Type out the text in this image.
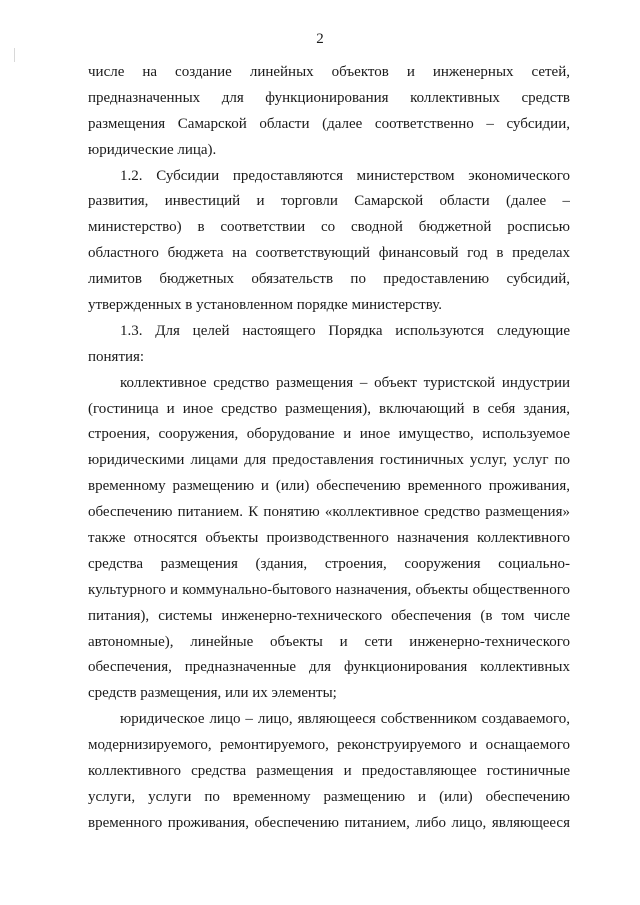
2
числе на создание линейных объектов и инженерных сетей,
предназначенных для функционирования коллективных средств
размещения Самарской области (далее соответственно – субсидии,
юридические лица).
1.2. Субсидии предоставляются министерством экономического
развития, инвестиций и торговли Самарской области (далее –
министерство) в соответствии со сводной бюджетной росписью
областного бюджета на соответствующий финансовый год в пределах
лимитов бюджетных обязательств по предоставлению субсидий,
утвержденных в установленном порядке министерству.
1.3. Для целей настоящего Порядка используются следующие
понятия:
коллективное средство размещения – объект туристской индустрии
(гостиница и иное средство размещения), включающий в себя здания,
строения, сооружения, оборудование и иное имущество, используемое
юридическими лицами для предоставления гостиничных услуг, услуг по
временному размещению и (или) обеспечению временного проживания,
обеспечению питанием. К понятию «коллективное средство размещения»
также относятся объекты производственного назначения коллективного
средства размещения (здания, строения, сооружения социально-
культурного и коммунально-бытового назначения, объекты общественного
питания), системы инженерно-технического обеспечения (в том числе
автономные), линейные объекты и сети инженерно-технического
обеспечения, предназначенные для функционирования коллективных
средств размещения, или их элементы;
юридическое лицо – лицо, являющееся собственником создаваемого,
модернизируемого, ремонтируемого, реконструируемого и оснащаемого
коллективного средства размещения и предоставляющее гостиничные
услуги, услуги по временному размещению и (или) обеспечению
временного проживания, обеспечению питанием, либо лицо, являющееся
